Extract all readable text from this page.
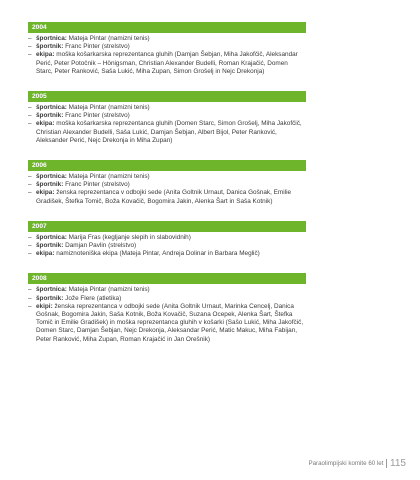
2004
– športnica: Mateja Pintar (namizni tenis)
– športnik: Franc Pinter (strelstvo)
– ekipa: moška košarkarska reprezentanca gluhih (Damjan Šebjan, Miha Jakofčič, Aleksandar Perić, Peter Potočnik – Hönigsman, Christian Alexander Budelli, Roman Krajačić, Domen Starc, Peter Ranković, Saša Lukić, Miha Zupan, Simon Grošelj in Nejc Drekonja)
2005
– športnica: Mateja Pintar (namizni tenis)
– športnik: Franc Pinter (strelstvo)
– ekipa: moška košarkarska reprezentanca gluhih (Domen Starc, Simon Grošelj, Miha Jakofčič, Christian Alexander Budelli, Saša Lukić, Damjan Šebjan, Albert Bijol, Peter Ranković, Aleksander Perić, Nejc Drekonja in Miha Zupan)
2006
– športnica: Mateja Pintar (namizni tenis)
– športnik: Franc Pinter (strelstvo)
– ekipa: ženska reprezentanca v odbojki sede (Anita Goltnik Urnaut, Danica Gošnak, Emilie Gradišek, Štefka Tomič, Boža Kovačič, Bogomira Jakin, Alenka Šart in Saša Kotnik)
2007
– športnica: Marija Fras (kegljanje slepih in slabovidnih)
– športnik: Damjan Pavlin (strelstvo)
– ekipa: namiznoteniška ekipa (Mateja Pintar, Andreja Dolinar in Barbara Meglič)
2008
– športnica: Mateja Pintar (namizni tenis)
– športnik: Jože Flere (atletika)
– ekipi: ženska reprezentanca v odbojki sede (Anita Goltnik Urnaut, Marinka Cencelj, Danica Gošnak, Bogomira Jakin, Saša Kotnik, Boža Kovačič, Suzana Ocepek, Alenka Šart, Štefka Tomič in Emilie Gradišek) in moška reprezentanca gluhih v košarki (Sašo Lukić, Miha Jakofčič, Domen Starc, Damjan Šebjan, Nejc Drekonja, Aleksandar Perić, Matic Makuc, Miha Fabijan, Peter Ranković, Miha Zupan, Roman Krajačić in Jan Orešnik)
Paraolimpijski komite 60 let 115
